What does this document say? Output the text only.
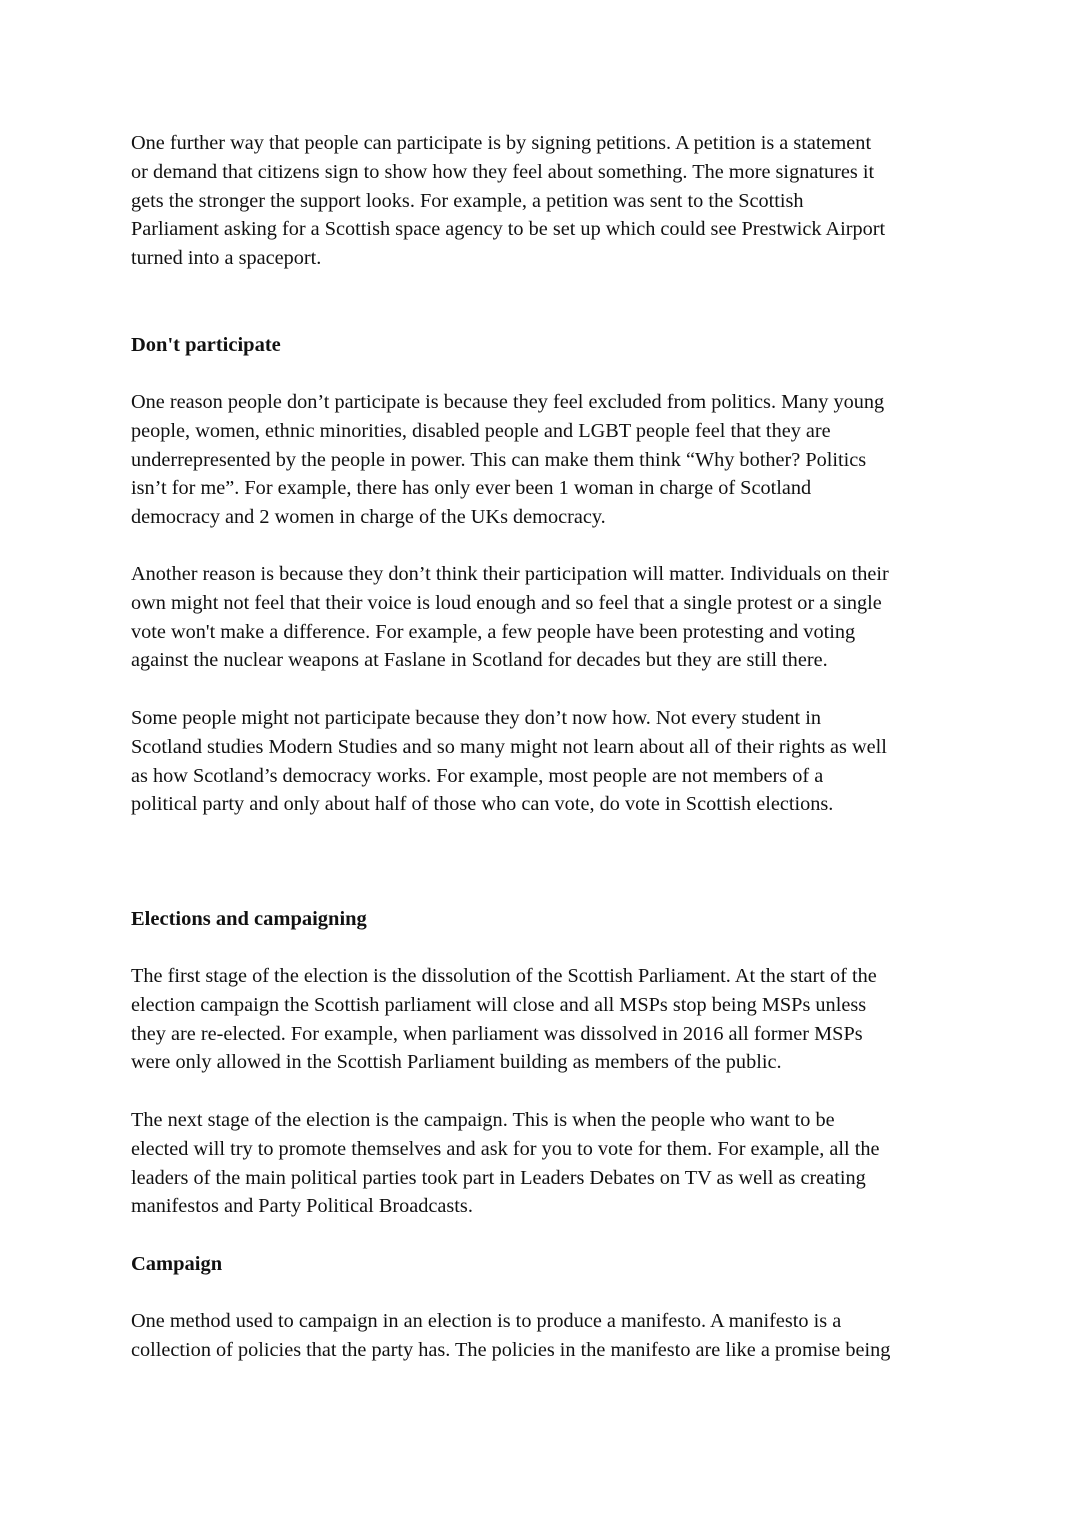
One further way that people can participate is by signing petitions. A petition is a statement
or demand that citizens sign to show how they feel about something. The more signatures it
gets the stronger the support looks. For example, a petition was sent to the Scottish
Parliament asking for a Scottish space agency to be set up which could see Prestwick Airport
turned into a spaceport.

Don't participate

One reason people don’t participate is because they feel excluded from politics. Many young
people, women, ethnic minorities, disabled people and LGBT people feel that they are
underrepresented by the people in power. This can make them think “Why bother? Politics
isn’t for me”. For example, there has only ever been 1 woman in charge of Scotland
democracy and 2 women in charge of the UKs democracy.

Another reason is because they don’t think their participation will matter. Individuals on their
own might not feel that their voice is loud enough and so feel that a single protest or a single
vote won't make a difference. For example, a few people have been protesting and voting
against the nuclear weapons at Faslane in Scotland for decades but they are still there.

Some people might not participate because they don’t now how. Not every student in
Scotland studies Modern Studies and so many might not learn about all of their rights as well
as how Scotland’s democracy works. For example, most people are not members of a
political party and only about half of those who can vote, do vote in Scottish elections.

Elections and campaigning

The first stage of the election is the dissolution of the Scottish Parliament. At the start of the
election campaign the Scottish parliament will close and all MSPs stop being MSPs unless
they are re-elected. For example, when parliament was dissolved in 2016 all former MSPs
were only allowed in the Scottish Parliament building as members of the public.

The next stage of the election is the campaign. This is when the people who want to be
elected will try to promote themselves and ask for you to vote for them. For example, all the
leaders of the main political parties took part in Leaders Debates on TV as well as creating
manifestos and Party Political Broadcasts.

Campaign

One method used to campaign in an election is to produce a manifesto. A manifesto is a
collection of policies that the party has. The policies in the manifesto are like a promise being
